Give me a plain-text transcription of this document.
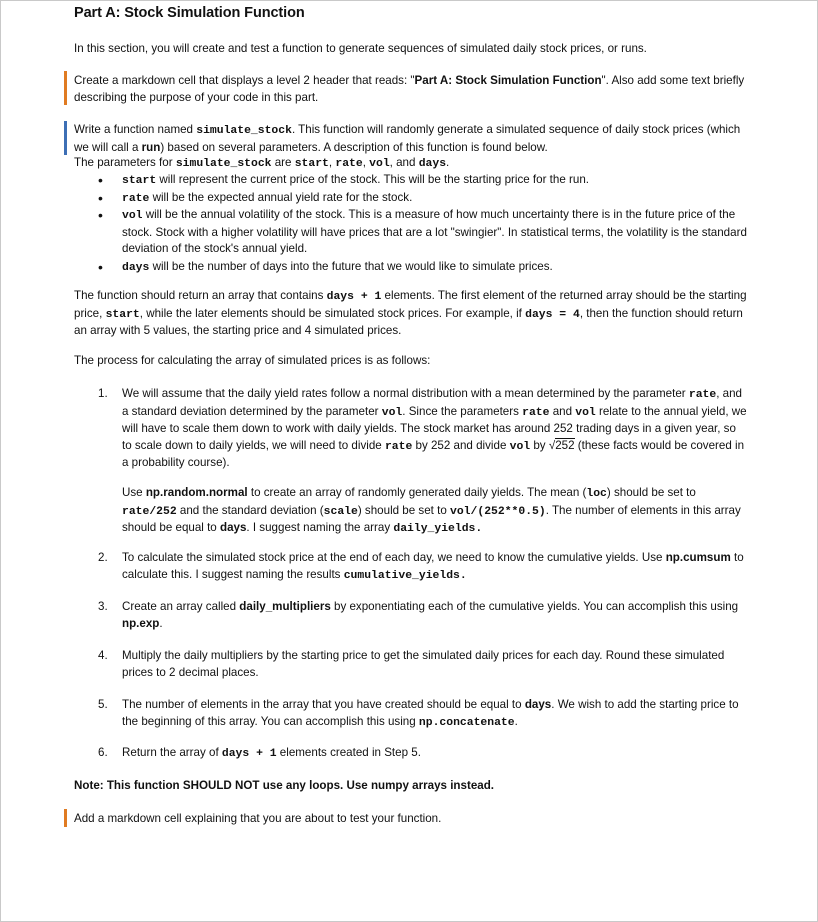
Part A: Stock Simulation Function
In this section, you will create and test a function to generate sequences of simulated daily stock prices, or runs.
Create a markdown cell that displays a level 2 header that reads: "Part A: Stock Simulation Function". Also add some text briefly describing the purpose of your code in this part.
Write a function named simulate_stock. This function will randomly generate a simulated sequence of daily stock prices (which we will call a run) based on several parameters. A description of this function is found below.
The parameters for simulate_stock are start, rate, vol, and days.
• start will represent the current price of the stock. This will be the starting price for the run.
• rate will be the expected annual yield rate for the stock.
• vol will be the annual volatility of the stock. This is a measure of how much uncertainty there is in the future price of the stock. Stock with a higher volatility will have prices that are a lot "swingier". In statistical terms, the volatility is the standard deviation of the stock's annual yield.
• days will be the number of days into the future that we would like to simulate prices.
The function should return an array that contains days + 1 elements. The first element of the returned array should be the starting price, start, while the later elements should be simulated stock prices. For example, if days = 4, then the function should return an array with 5 values, the starting price and 4 simulated prices.
The process for calculating the array of simulated prices is as follows:
1. We will assume that the daily yield rates follow a normal distribution with a mean determined by the parameter rate, and a standard deviation determined by the parameter vol. Since the parameters rate and vol relate to the annual yield, we will have to scale them down to work with daily yields. The stock market has around 252 trading days in a given year, so to scale down to daily yields, we will need to divide rate by 252 and divide vol by √252 (these facts would be covered in a probability course).
Use np.random.normal to create an array of randomly generated daily yields. The mean (loc) should be set to rate/252 and the standard deviation (scale) should be set to vol/(252**0.5). The number of elements in this array should be equal to days. I suggest naming the array daily_yields.
2. To calculate the simulated stock price at the end of each day, we need to know the cumulative yields. Use np.cumsum to calculate this. I suggest naming the results cumulative_yields.
3. Create an array called daily_multipliers by exponentiating each of the cumulative yields. You can accomplish this using np.exp.
4. Multiply the daily multipliers by the starting price to get the simulated daily prices for each day. Round these simulated prices to 2 decimal places.
5. The number of elements in the array that you have created should be equal to days. We wish to add the starting price to the beginning of this array. You can accomplish this using np.concatenate.
6. Return the array of days + 1 elements created in Step 5.
Note: This function SHOULD NOT use any loops. Use numpy arrays instead.
Add a markdown cell explaining that you are about to test your function.
